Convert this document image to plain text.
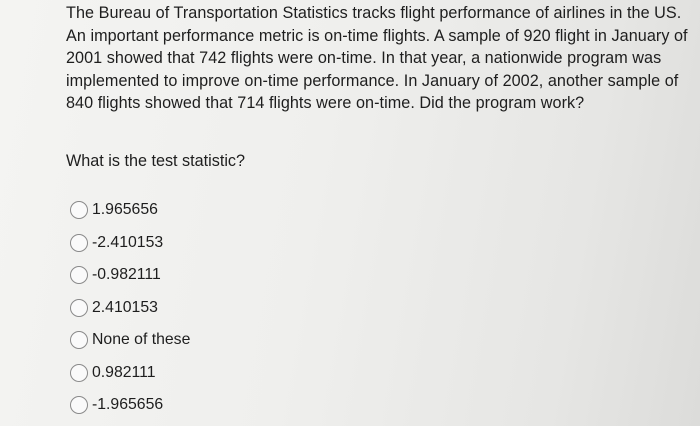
The Bureau of Transportation Statistics tracks flight performance of airlines in the US. An important performance metric is on-time flights. A sample of 920 flight in January of 2001 showed that 742 flights were on-time. In that year, a nationwide program was implemented to improve on-time performance. In January of 2002, another sample of 840 flights showed that 714 flights were on-time. Did the program work?

What is the test statistic?

1.965656
-2.410153
-0.982111
2.410153
None of these
0.982111
-1.965656
